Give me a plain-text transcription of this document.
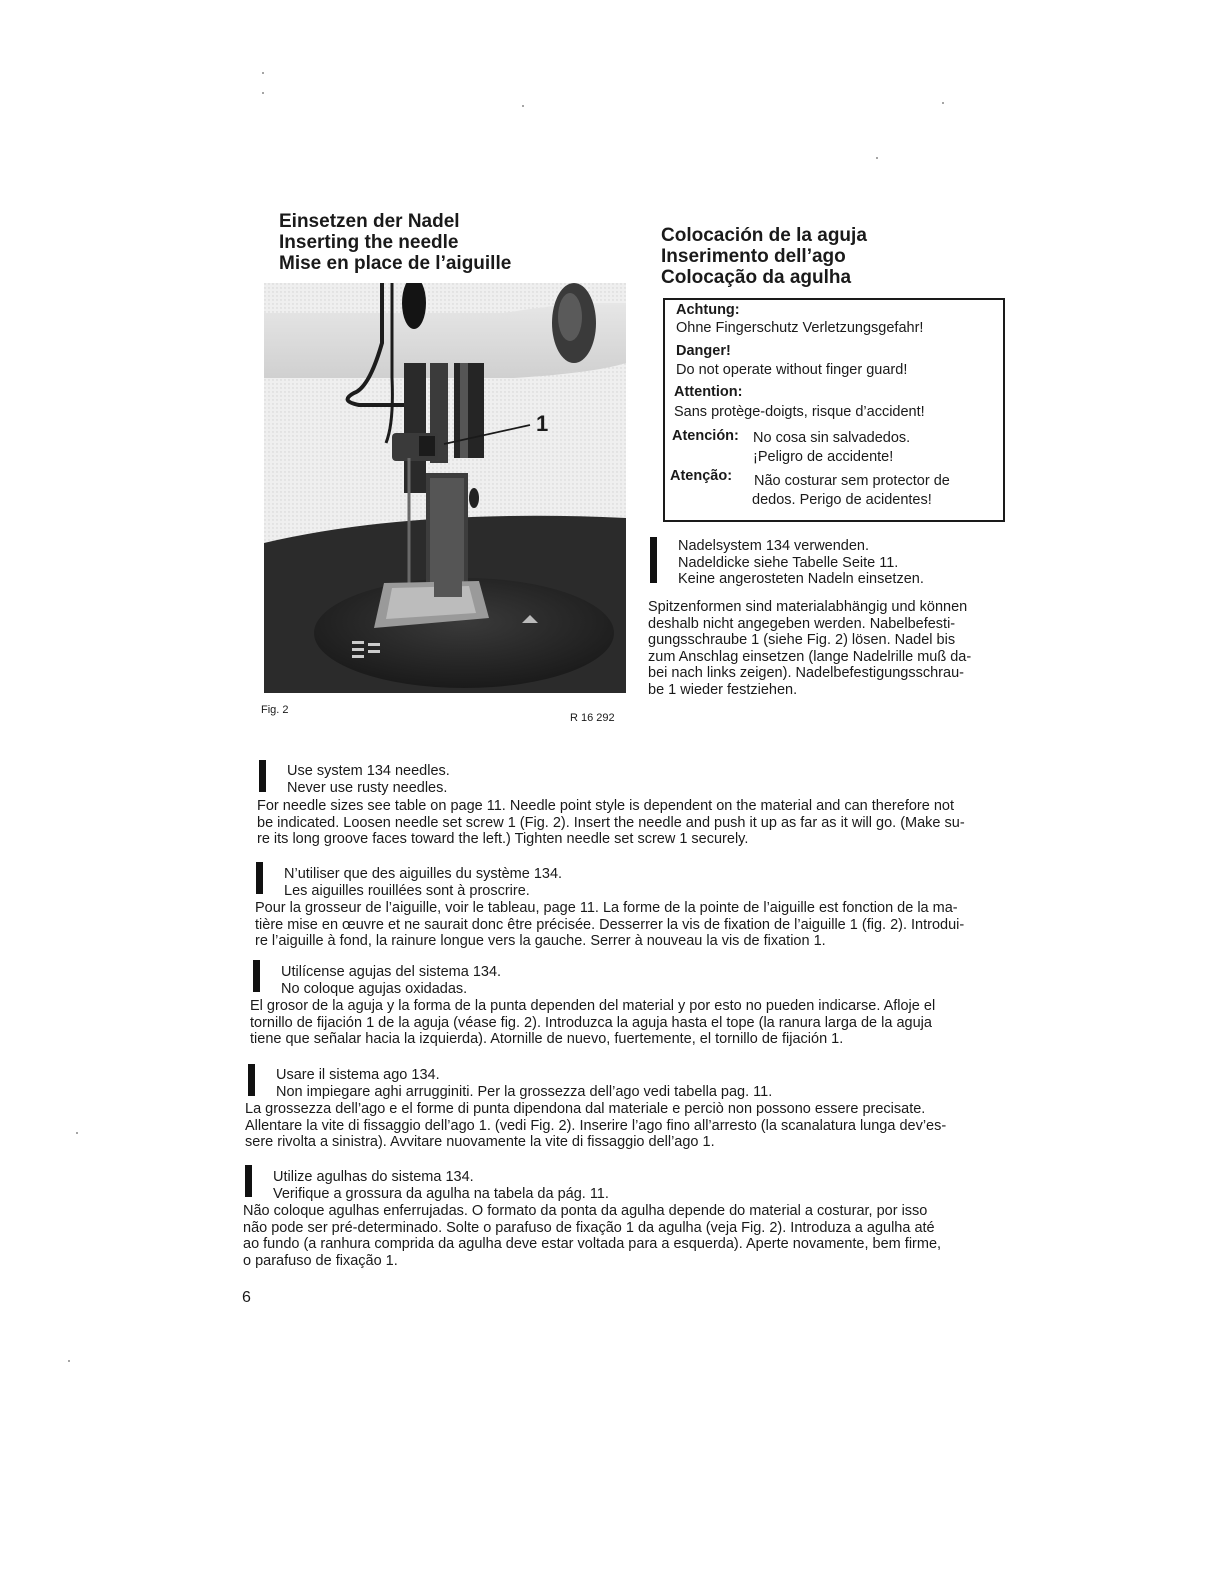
Einsetzen der Nadel
Inserting the needle
Mise en place de l’aiguille
Colocación de la aguja
Inserimento dell’ago
Colocação da agulha
1
Fig. 2
R 16 292
Achtung:
Ohne Fingerschutz Verletzungsgefahr!
Danger!
Do not operate without finger guard!
Attention:
Sans protège-doigts, risque d’accident!
Atención: No cosa sin salvadedos.
¡Peligro de accidente!
Atenção: Não costurar sem protector de
dedos. Perigo de acidentes!
Nadelsystem 134 verwenden.
Nadeldicke siehe Tabelle Seite 11.
Keine angerosteten Nadeln einsetzen.
Spitzenformen sind materialabhängig und können
deshalb nicht angegeben werden. Nabelbefesti-
gungsschraube 1 (siehe Fig. 2) lösen. Nadel bis
zum Anschlag einsetzen (lange Nadelrille muß da-
bei nach links zeigen). Nadelbefestigungsschrau-
be 1 wieder festziehen.
Use system 134 needles.
Never use rusty needles.
For needle sizes see table on page 11. Needle point style is dependent on the material and can therefore not
be indicated. Loosen needle set screw 1 (Fig. 2). Insert the needle and push it up as far as it will go. (Make su-
re its long groove faces toward the left.) Tighten needle set screw 1 securely.
N’utiliser que des aiguilles du système 134.
Les aiguilles rouillées sont à proscrire.
Pour la grosseur de l’aiguille, voir le tableau, page 11. La forme de la pointe de l’aiguille est fonction de la ma-
tière mise en œuvre et ne saurait donc être précisée. Desserrer la vis de fixation de l’aiguille 1 (fig. 2). Introdui-
re l’aiguille à fond, la rainure longue vers la gauche. Serrer à nouveau la vis de fixation 1.
Utilícense agujas del sistema 134.
No coloque agujas oxidadas.
El grosor de la aguja y la forma de la punta dependen del material y por esto no pueden indicarse. Afloje el
tornillo de fijación 1 de la aguja (véase fig. 2). Introduzca la aguja hasta el tope (la ranura larga de la aguja
tiene que señalar hacia la izquierda). Atornille de nuevo, fuertemente, el tornillo de fijación 1.
Usare il sistema ago 134.
Non impiegare aghi arrugginiti. Per la grossezza dell’ago vedi tabella pag. 11.
La grossezza dell’ago e el forme di punta dipendona dal materiale e perciò non possono essere precisate.
Allentare la vite di fissaggio dell’ago 1. (vedi Fig. 2). Inserire l’ago fino all’arresto (la scanalatura lunga dev’es-
sere rivolta a sinistra). Avvitare nuovamente la vite di fissaggio dell’ago 1.
Utilize agulhas do sistema 134.
Verifique a grossura da agulha na tabela da pág. 11.
Não coloque agulhas enferrujadas. O formato da ponta da agulha depende do material a costurar, por isso
não pode ser pré-determinado. Solte o parafuso de fixação 1 da agulha (veja Fig. 2). Introduza a agulha até
ao fundo (a ranhura comprida da agulha deve estar voltada para a esquerda). Aperte novamente, bem firme,
o parafuso de fixação 1.
6
